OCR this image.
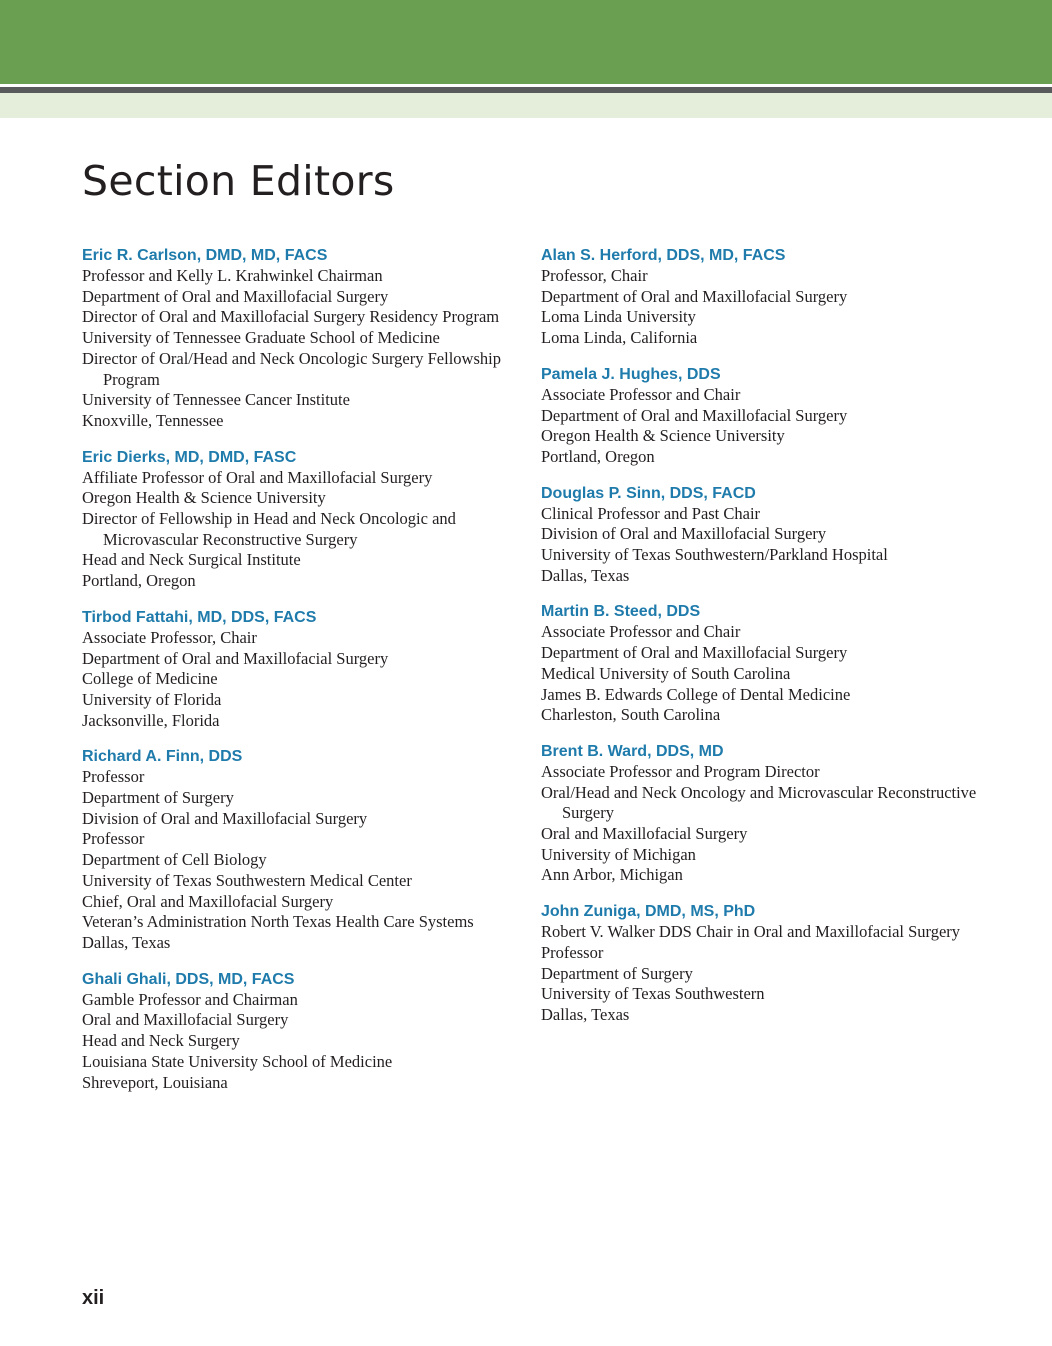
Section Editors
Eric R. Carlson, DMD, MD, FACS
Professor and Kelly L. Krahwinkel Chairman
Department of Oral and Maxillofacial Surgery
Director of Oral and Maxillofacial Surgery Residency Program
University of Tennessee Graduate School of Medicine
Director of Oral/Head and Neck Oncologic Surgery Fellowship Program
University of Tennessee Cancer Institute
Knoxville, Tennessee
Eric Dierks, MD, DMD, FASC
Affiliate Professor of Oral and Maxillofacial Surgery
Oregon Health & Science University
Director of Fellowship in Head and Neck Oncologic and Microvascular Reconstructive Surgery
Head and Neck Surgical Institute
Portland, Oregon
Tirbod Fattahi, MD, DDS, FACS
Associate Professor, Chair
Department of Oral and Maxillofacial Surgery
College of Medicine
University of Florida
Jacksonville, Florida
Richard A. Finn, DDS
Professor
Department of Surgery
Division of Oral and Maxillofacial Surgery
Professor
Department of Cell Biology
University of Texas Southwestern Medical Center
Chief, Oral and Maxillofacial Surgery
Veteran’s Administration North Texas Health Care Systems
Dallas, Texas
Ghali Ghali, DDS, MD, FACS
Gamble Professor and Chairman
Oral and Maxillofacial Surgery
Head and Neck Surgery
Louisiana State University School of Medicine
Shreveport, Louisiana
Alan S. Herford, DDS, MD, FACS
Professor, Chair
Department of Oral and Maxillofacial Surgery
Loma Linda University
Loma Linda, California
Pamela J. Hughes, DDS
Associate Professor and Chair
Department of Oral and Maxillofacial Surgery
Oregon Health & Science University
Portland, Oregon
Douglas P. Sinn, DDS, FACD
Clinical Professor and Past Chair
Division of Oral and Maxillofacial Surgery
University of Texas Southwestern/Parkland Hospital
Dallas, Texas
Martin B. Steed, DDS
Associate Professor and Chair
Department of Oral and Maxillofacial Surgery
Medical University of South Carolina
James B. Edwards College of Dental Medicine
Charleston, South Carolina
Brent B. Ward, DDS, MD
Associate Professor and Program Director
Oral/Head and Neck Oncology and Microvascular Reconstructive Surgery
Oral and Maxillofacial Surgery
University of Michigan
Ann Arbor, Michigan
John Zuniga, DMD, MS, PhD
Robert V. Walker DDS Chair in Oral and Maxillofacial Surgery
Professor
Department of Surgery
University of Texas Southwestern
Dallas, Texas
xii
